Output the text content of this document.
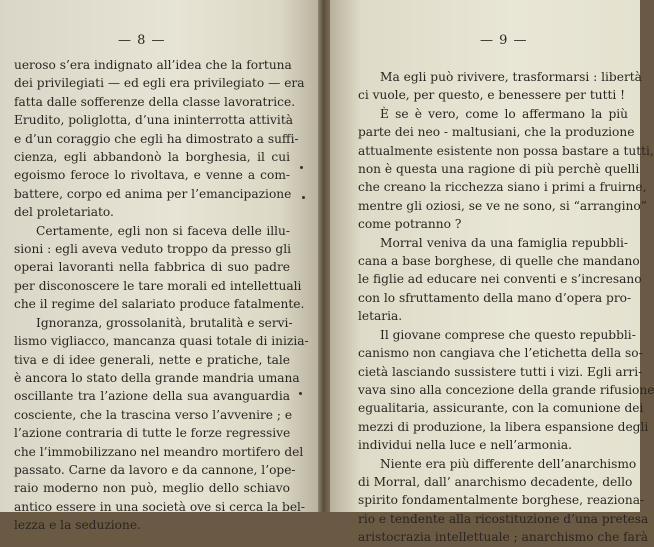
— 8 —
ueroso s’era indignato all’idea che la fortuna
dei privilegiati — ed egli era privilegiato — era
fatta dalle sofferenze della classe lavoratrice.
Erudito, poliglotta, d’una ininterrotta attività
e d’un coraggio che egli ha dimostrato a suffi-
cienza, egli abbandonò la borghesia, il cui
egoismo feroce lo rivoltava, e venne a com-
battere, corpo ed anima per l’emancipazione
del proletariato.
Certamente, egli non si faceva delle illu-
sioni : egli aveva veduto troppo da presso gli
operai lavoranti nella fabbrica di suo padre
per disconoscere le tare morali ed intellettuali
che il regime del salariato produce fatalmente.
Ignoranza, grossolanità, brutalità e servi-
lismo vigliacco, mancanza quasi totale di inizia-
tiva e di idee generali, nette e pratiche, tale
è ancora lo stato della grande mandria umana
oscillante tra l’azione della sua avanguardia
cosciente, che la trascina verso l’avvenire ; e
l’azione contraria di tutte le forze regressive
che l’immobilizzano nel meandro mortifero del
passato. Carne da lavoro e da cannone, l’ope-
raio moderno non può, meglio dello schiavo
antico essere in una società ove si cerca la bel-
lezza e la seduzione.
— 9 —
Ma egli può rivivere, trasformarsi : libertà
ci vuole, per questo, e benessere per tutti !
È se è vero, come lo affermano la più
parte dei neo - maltusiani, che la produzione
attualmente esistente non possa bastare a tutti,
non è questa una ragione di più perchè quelli
che creano la ricchezza siano i primi a fruirne,
mentre gli oziosi, se ve ne sono, si “arrangino”
come potranno ?
Morral veniva da una famiglia repubbli-
cana a base borghese, di quelle che mandano
le figlie ad educare nei conventi e s’incresano
con lo sfruttamento della mano d’opera pro-
letaria.
Il giovane comprese che questo repubbli-
canismo non cangiava che l’etichetta della so-
cietà lasciando sussistere tutti i vizi. Egli arri-
vava sino alla concezione della grande rifusione
egualitaria, assicurante, con la comunione dei
mezzi di produzione, la libera espansione degli
individui nella luce e nell’armonia.
Niente era più differente dell’anarchismo
di Morral, dall’ anarchismo decadente, dello
spirito fondamentalmente borghese, reaziona-
rio e tendente alla ricostituzione d’una pretesa
aristocrazia intellettuale ; anarchismo che farà
